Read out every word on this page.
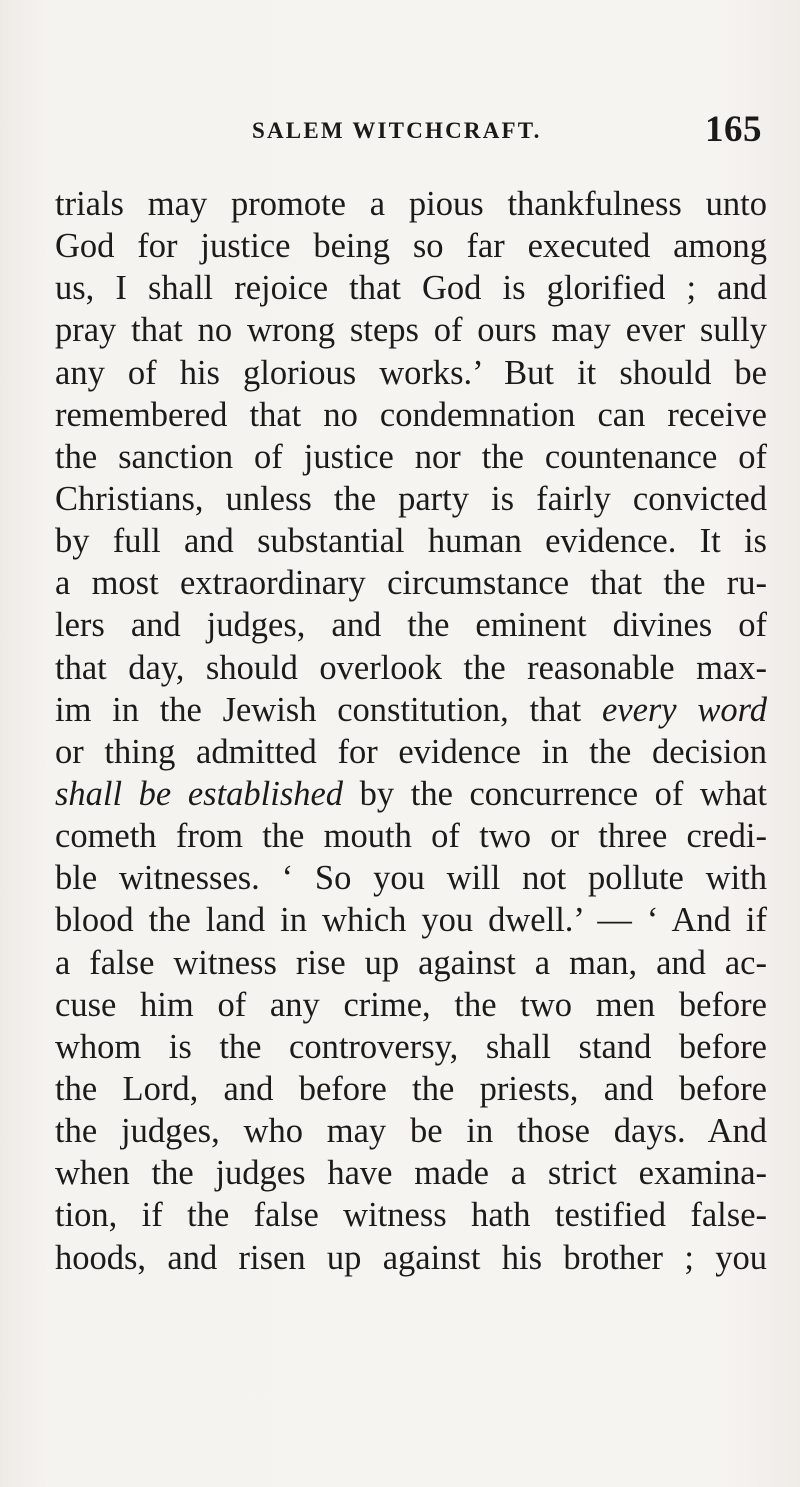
SALEM WITCHCRAFT.	165
trials may promote a pious thankfulness unto
God for justice being so far executed among
us, I shall rejoice that God is glorified ; and
pray that no wrong steps of ours may ever sully
any of his glorious works.’ But it should be
remembered that no condemnation can receive
the sanction of justice nor the countenance of
Christians, unless the party is fairly convicted
by full and substantial human evidence. It is
a most extraordinary circumstance that the ru-
lers and judges, and the eminent divines of
that day, should overlook the reasonable max-
im in the Jewish constitution, that every word
or thing admitted for evidence in the decision
shall be established by the concurrence of what
cometh from the mouth of two or three credi-
ble witnesses. ‘ So you will not pollute with
blood the land in which you dwell.’ — ‘ And if
a false witness rise up against a man, and ac-
cuse him of any crime, the two men before
whom is the controversy, shall stand before
the Lord, and before the priests, and before
the judges, who may be in those days. And
when the judges have made a strict examina-
tion, if the false witness hath testified false-
hoods, and risen up against his brother ; you
